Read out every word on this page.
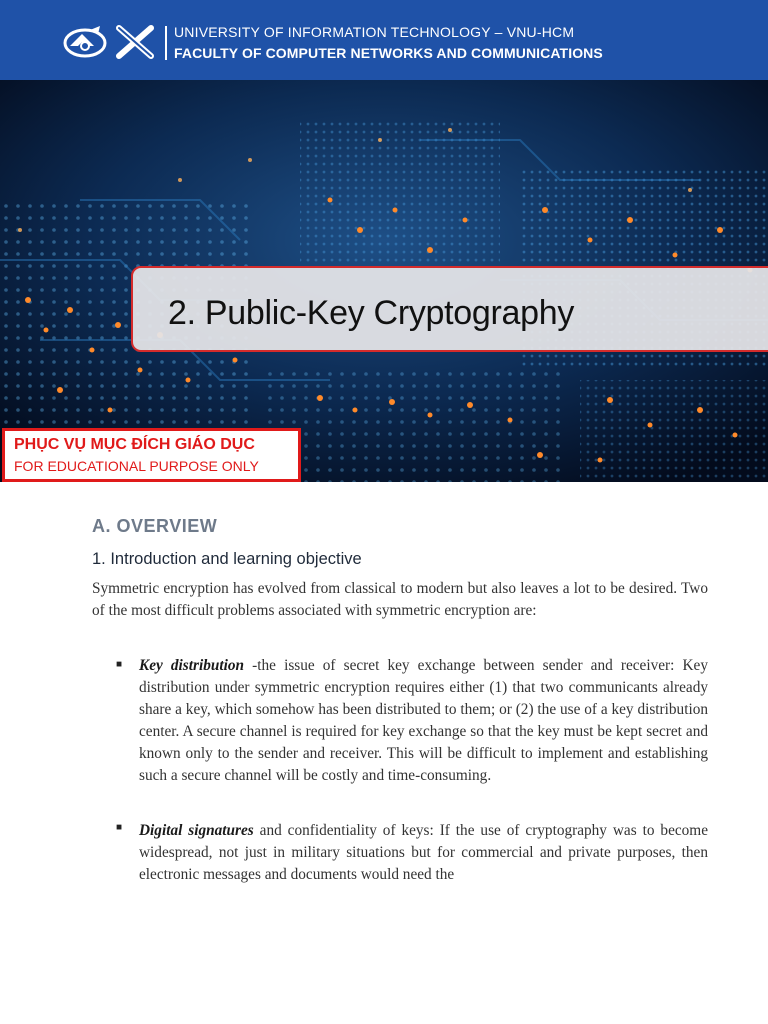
UNIVERSITY OF INFORMATION TECHNOLOGY – VNU-HCM
FACULTY OF COMPUTER NETWORKS AND COMMUNICATIONS
2. Public-Key Cryptography
PHỤC VỤ MỤC ĐÍCH GIÁO DỤC
FOR EDUCATIONAL PURPOSE ONLY
A. OVERVIEW
1. Introduction and learning objective
Symmetric encryption has evolved from classical to modern but also leaves a lot to be desired. Two of the most difficult problems associated with symmetric encryption are:
■ Key distribution -the issue of secret key exchange between sender and receiver: Key distribution under symmetric encryption requires either (1) that two communicants already share a key, which somehow has been distributed to them; or (2) the use of a key distribution center. A secure channel is required for key exchange so that the key must be kept secret and known only to the sender and receiver. This will be difficult to implement and establishing such a secure channel will be costly and time-consuming.
■ Digital signatures and confidentiality of keys: If the use of cryptography was to become widespread, not just in military situations but for commercial and private purposes, then electronic messages and documents would need the
